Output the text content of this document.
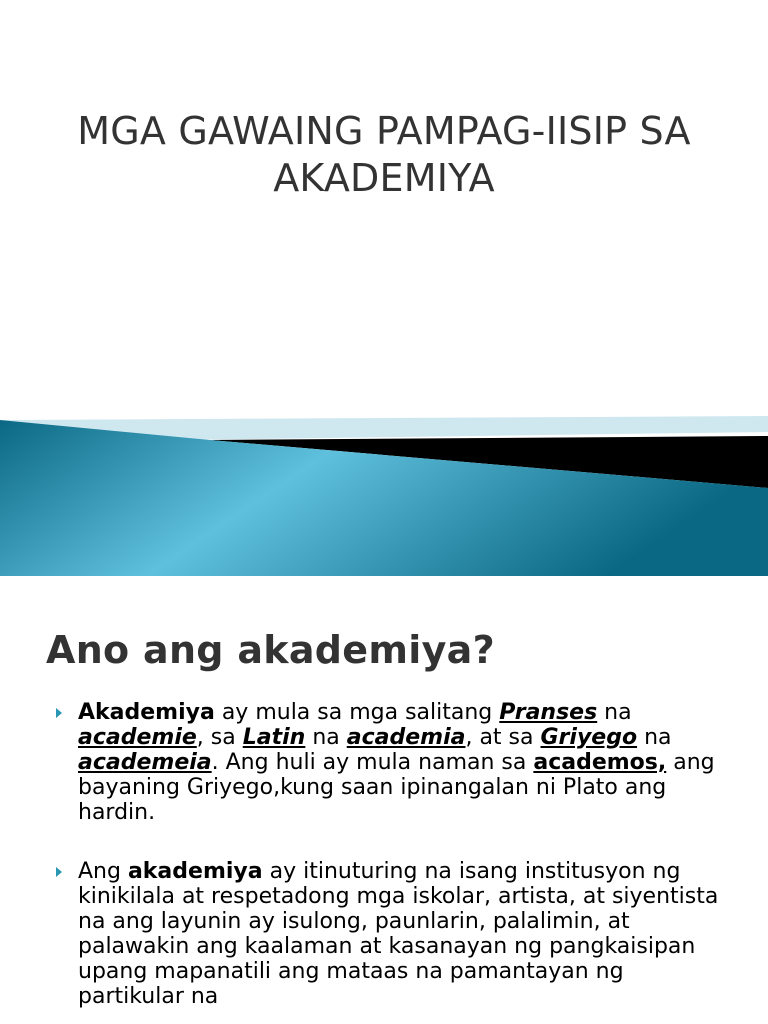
MGA GAWAING PAMPAG-IISIP SA AKADEMIYA
Ano ang akademiya?
Akademiya ay mula sa mga salitang Pranses na academie, sa Latin na academia, at sa Griyego na academeia. Ang huli ay mula naman sa academos, ang bayaning Griyego,kung saan ipinangalan ni Plato ang hardin.
Ang akademiya ay itinuturing na isang institusyon ng kinikilala at respetadong mga iskolar, artista, at siyentista na ang layunin ay isulong, paunlarin, palalimin, at palawakin ang kaalaman at kasanayan ng pangkaisipan upang mapanatili ang mataas na pamantayan ng partikular na
